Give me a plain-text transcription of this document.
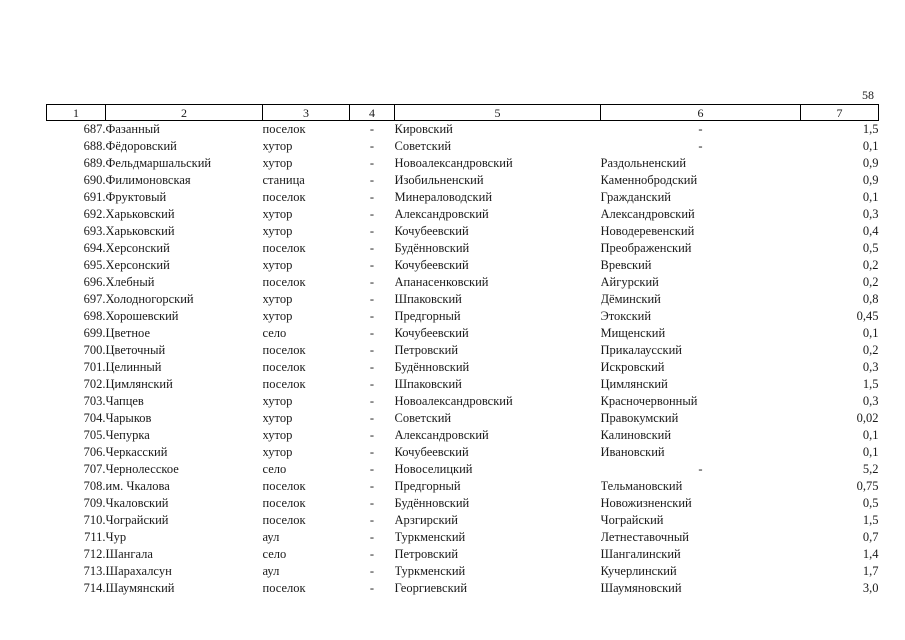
58
1	2	3	4	5	6	7
687.	Фазанный	поселок	-	Кировский	-	1,5
688.	Фёдоровский	хутор	-	Советский	-	0,1
689.	Фельдмаршальский	хутор	-	Новоалександровский	Раздольненский	0,9
690.	Филимоновская	станица	-	Изобильненский	Каменнобродский	0,9
691.	Фруктовый	поселок	-	Минераловодский	Гражданский	0,1
692.	Харьковский	хутор	-	Александровский	Александровский	0,3
693.	Харьковский	хутор	-	Кочубеевский	Новодеревенский	0,4
694.	Херсонский	поселок	-	Будённовский	Преображенский	0,5
695.	Херсонский	хутор	-	Кочубеевский	Вревский	0,2
696.	Хлебный	поселок	-	Апанасенковский	Айгурский	0,2
697.	Холодногорский	хутор	-	Шпаковский	Дёминский	0,8
698.	Хорошевский	хутор	-	Предгорный	Этокский	0,45
699.	Цветное	село	-	Кочубеевский	Мищенский	0,1
700.	Цветочный	поселок	-	Петровский	Прикалаусский	0,2
701.	Целинный	поселок	-	Будённовский	Искровский	0,3
702.	Цимлянский	поселок	-	Шпаковский	Цимлянский	1,5
703.	Чапцев	хутор	-	Новоалександровский	Красночервонный	0,3
704.	Чарыков	хутор	-	Советский	Правокумский	0,02
705.	Чепурка	хутор	-	Александровский	Калиновский	0,1
706.	Черкасский	хутор	-	Кочубеевский	Ивановский	0,1
707.	Чернолесское	село	-	Новоселицкий	-	5,2
708.	им. Чкалова	поселок	-	Предгорный	Тельмановский	0,75
709.	Чкаловский	поселок	-	Будённовский	Новожизненский	0,5
710.	Чограйский	поселок	-	Арзгирский	Чограйский	1,5
711.	Чур	аул	-	Туркменский	Летнеставочный	0,7
712.	Шангала	село	-	Петровский	Шангалинский	1,4
713.	Шарахалсун	аул	-	Туркменский	Кучерлинский	1,7
714.	Шаумянский	поселок	-	Георгиевский	Шаумяновский	3,0
